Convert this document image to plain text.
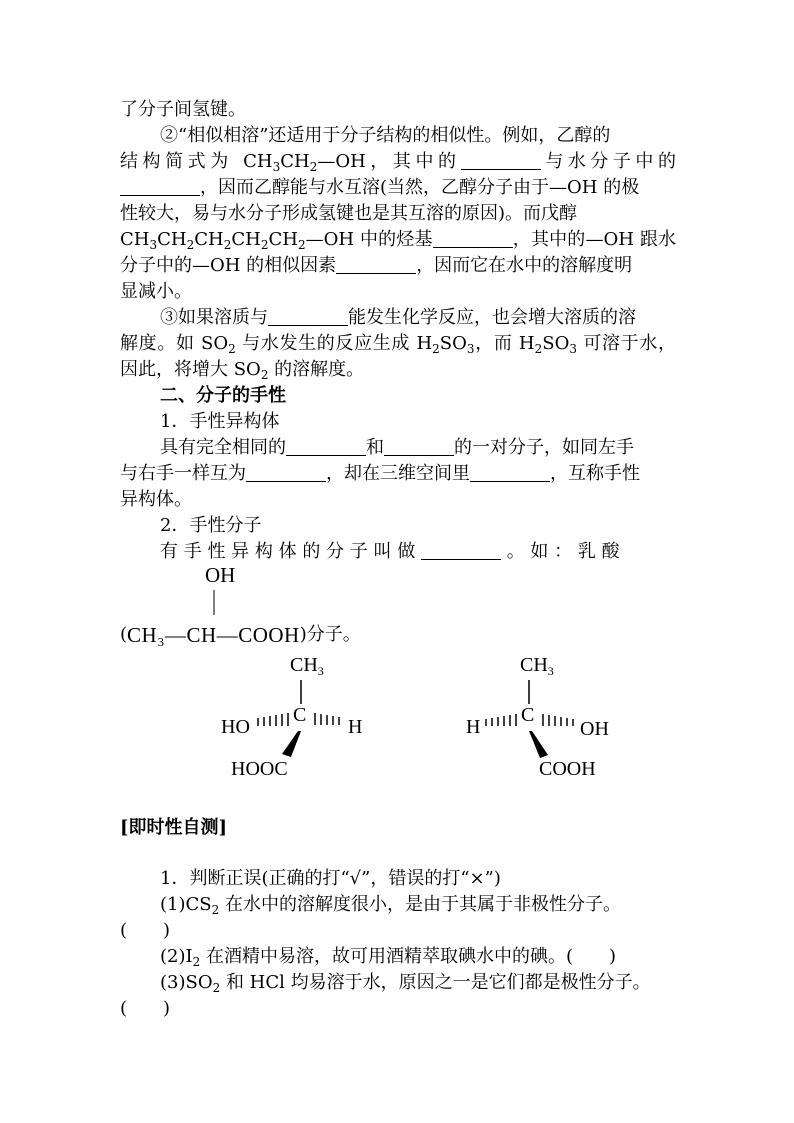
了分子间氢键。
②“相似相溶”还适用于分子结构的相似性。例如，乙醇的
结构简式为 $CH_3CH_2—OH$，其中的	与水分子中的
，因而乙醇能与水互溶(当然，乙醇分子由于—OH 的极
性较大，易与水分子形成氢键也是其互溶的原因)。而戊醇
$CH_3CH_2CH_2CH_2CH_2—OH$ 中的烃基	，其中的—OH 跟水
分子中的—OH 的相似因素	，因而它在水中的溶解度明
显减小。
③如果溶质与	能发生化学反应，也会增大溶质的溶
解度。如 $SO_2$ 与水发生的反应生成 $H_2SO_3$，而 $H_2SO_3$ 可溶于水，
因此，将增大 $SO_2$ 的溶解度。
二、分子的手性
1．手性异构体
具有完全相同的	和	的一对分子，如同左手
与右手一样互为	，却在三维空间里	，互称手性
异构体。
2．手性分子
有 手 性 异 构 体 的 分 子 叫 做	。 如 ： 乳 酸
OH
(CH₃—CH—COOH)分子。
$CH_3$
C
HO	H
HOOC
$CH_3$
C
H	OH
COOH
[即时性自测]
1．判断正误(正确的打“√”，错误的打“×”)
$(1)CS_2$ 在水中的溶解度很小，是由于其属于非极性分子。
(　　)
$(2)I_2$ 在酒精中易溶，故可用酒精萃取碘水中的碘。(　　)
$(3)SO_2$ 和 HCl 均易溶于水，原因之一是它们都是极性分子。
(　　)
